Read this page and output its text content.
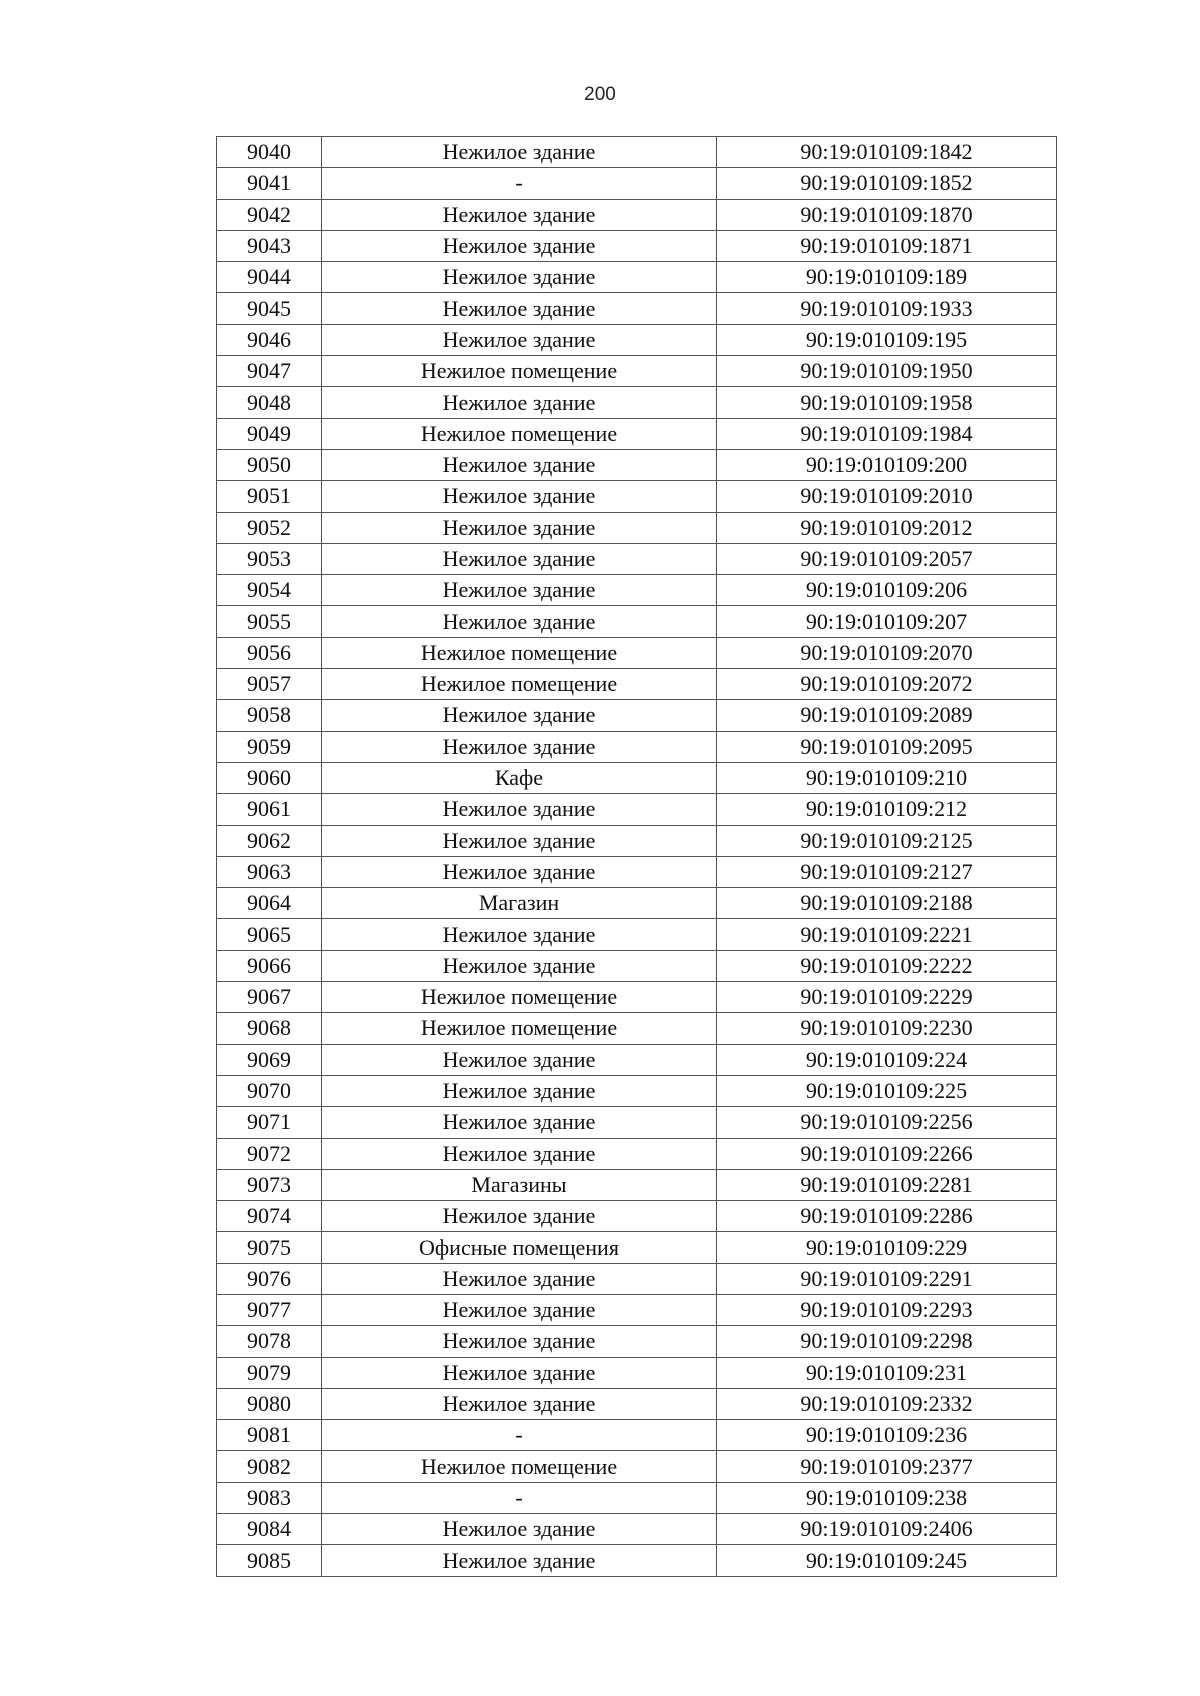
200
9040	Нежилое здание	90:19:010109:1842
9041	-	90:19:010109:1852
9042	Нежилое здание	90:19:010109:1870
9043	Нежилое здание	90:19:010109:1871
9044	Нежилое здание	90:19:010109:189
9045	Нежилое здание	90:19:010109:1933
9046	Нежилое здание	90:19:010109:195
9047	Нежилое помещение	90:19:010109:1950
9048	Нежилое здание	90:19:010109:1958
9049	Нежилое помещение	90:19:010109:1984
9050	Нежилое здание	90:19:010109:200
9051	Нежилое здание	90:19:010109:2010
9052	Нежилое здание	90:19:010109:2012
9053	Нежилое здание	90:19:010109:2057
9054	Нежилое здание	90:19:010109:206
9055	Нежилое здание	90:19:010109:207
9056	Нежилое помещение	90:19:010109:2070
9057	Нежилое помещение	90:19:010109:2072
9058	Нежилое здание	90:19:010109:2089
9059	Нежилое здание	90:19:010109:2095
9060	Кафе	90:19:010109:210
9061	Нежилое здание	90:19:010109:212
9062	Нежилое здание	90:19:010109:2125
9063	Нежилое здание	90:19:010109:2127
9064	Магазин	90:19:010109:2188
9065	Нежилое здание	90:19:010109:2221
9066	Нежилое здание	90:19:010109:2222
9067	Нежилое помещение	90:19:010109:2229
9068	Нежилое помещение	90:19:010109:2230
9069	Нежилое здание	90:19:010109:224
9070	Нежилое здание	90:19:010109:225
9071	Нежилое здание	90:19:010109:2256
9072	Нежилое здание	90:19:010109:2266
9073	Магазины	90:19:010109:2281
9074	Нежилое здание	90:19:010109:2286
9075	Офисные помещения	90:19:010109:229
9076	Нежилое здание	90:19:010109:2291
9077	Нежилое здание	90:19:010109:2293
9078	Нежилое здание	90:19:010109:2298
9079	Нежилое здание	90:19:010109:231
9080	Нежилое здание	90:19:010109:2332
9081	-	90:19:010109:236
9082	Нежилое помещение	90:19:010109:2377
9083	-	90:19:010109:238
9084	Нежилое здание	90:19:010109:2406
9085	Нежилое здание	90:19:010109:245
